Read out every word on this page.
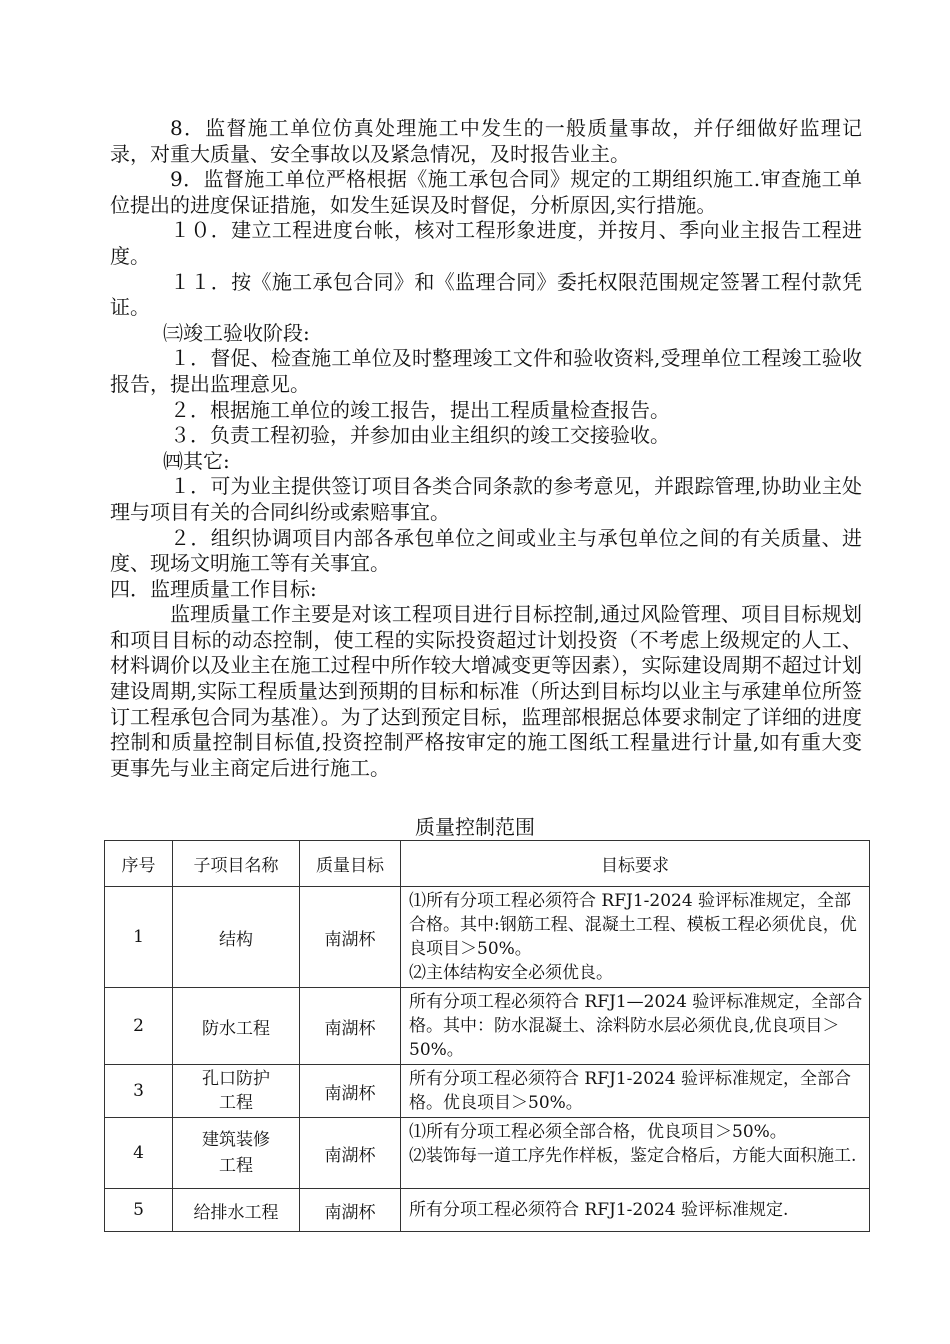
8．监督施工单位仿真处理施工中发生的一般质量事故，并仔细做好监理记录，对重大质量、安全事故以及紧急情况，及时报告业主。

9．监督施工单位严格根据《施工承包合同》规定的工期组织施工.审查施工单位提出的进度保证措施，如发生延误及时督促，分析原因,实行措施。

１０．建立工程进度台帐，核对工程形象进度，并按月、季向业主报告工程进度。

１１．按《施工承包合同》和《监理合同》委托权限范围规定签署工程付款凭证。

㈢竣工验收阶段:

１．督促、检查施工单位及时整理竣工文件和验收资料,受理单位工程竣工验收报告，提出监理意见。

２．根据施工单位的竣工报告，提出工程质量检查报告。

３．负责工程初验，并参加由业主组织的竣工交接验收。

㈣其它:

１．可为业主提供签订项目各类合同条款的参考意见，并跟踪管理,协助业主处理与项目有关的合同纠纷或索赔事宜。

２．组织协调项目内部各承包单位之间或业主与承包单位之间的有关质量、进度、现场文明施工等有关事宜。

四．监理质量工作目标:

监理质量工作主要是对该工程项目进行目标控制,通过风险管理、项目目标规划和项目目标的动态控制，使工程的实际投资超过计划投资（不考虑上级规定的人工、材料调价以及业主在施工过程中所作较大增减变更等因素），实际建设周期不超过计划建设周期,实际工程质量达到预期的目标和标准（所达到目标均以业主与承建单位所签订工程承包合同为基准）。为了达到预定目标，监理部根据总体要求制定了详细的进度控制和质量控制目标值,投资控制严格按审定的施工图纸工程量进行计量,如有重大变更事先与业主商定后进行施工。

质量控制范围
序号	子项目名称	质量目标	目标要求
1	结构	南湖杯	⑴所有分项工程必须符合 RFJ1-2024 验评标准规定，全部合格。其中:钢筋工程、混凝土工程、模板工程必须优良，优良项目＞50%。
⑵主体结构安全必须优良。

2	防水工程	南湖杯	所有分项工程必须符合 RFJ1—2024 验评标准规定，全部合格。其中：防水混凝土、涂料防水层必须优良,优良项目＞50%。

3	孔口防护工程	南湖杯	所有分项工程必须符合 RFJ1-2024 验评标准规定，全部合格。优良项目＞50%。

4	建筑装修工程	南湖杯	⑴所有分项工程必须全部合格，优良项目＞50%。
⑵装饰每一道工序先作样板，鉴定合格后，方能大面积施工.

5	给排水工程	南湖杯	所有分项工程必须符合 RFJ1-2024 验评标准规定.
